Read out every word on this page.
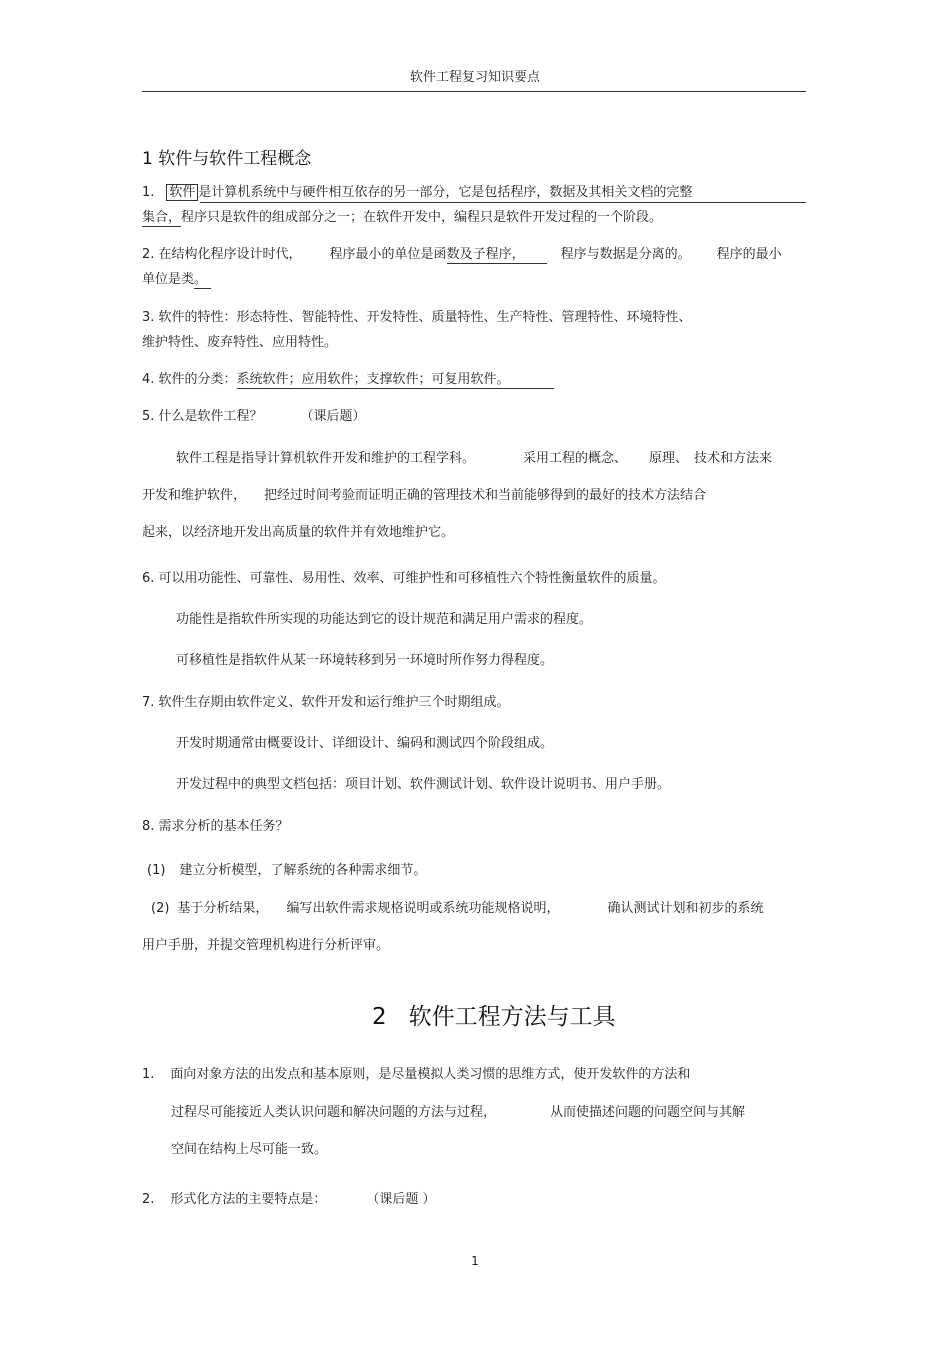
软件工程复习知识要点
1 软件与软件工程概念
1. 软件 是计算机系统中与硬件相互依存的另一部分，它是包括程序，数据及其相关文档的完整
集合，程序只是软件的组成部分之一；在软件开发中，编程只是软件开发过程的一个阶段。
2. 在结构化程序设计时代， 程序最小的单位是函数及子程序，	程序与数据是分离的。 程序的最小
单位是类。
3. 软件的特性：形态特性、智能特性、开发特性、质量特性、生产特性、管理特性、环境特性、
维护特性、废弃特性、应用特性。
4. 软件的分类：系统软件；应用软件；支撑软件；可复用软件。
5. 什么是软件工程？	（课后题）
软件工程是指导计算机软件开发和维护的工程学科。	采用工程的概念、 原理、 技术和方法来
开发和维护软件， 把经过时间考验而证明正确的管理技术和当前能够得到的最好的技术方法结合
起来，以经济地开发出高质量的软件并有效地维护它。
6. 可以用功能性、可靠性、易用性、效率、可维护性和可移植性六个特性衡量软件的质量。
功能性是指软件所实现的功能达到它的设计规范和满足用户需求的程度。
可移植性是指软件从某一环境转移到另一环境时所作努力得程度。
7. 软件生存期由软件定义、软件开发和运行维护三个时期组成。
开发时期通常由概要设计、详细设计、编码和测试四个阶段组成。
开发过程中的典型文档包括：项目计划、软件测试计划、软件设计说明书、用户手册。
8. 需求分析的基本任务？
(1) 建立分析模型，了解系统的各种需求细节。
(2) 基于分析结果， 编写出软件需求规格说明或系统功能规格说明，	确认测试计划和初步的系统
用户手册，并提交管理机构进行分析评审。
2 软件工程方法与工具
1. 面向对象方法的出发点和基本原则，是尽量模拟人类习惯的思维方式，使开发软件的方法和
过程尽可能接近人类认识问题和解决问题的方法与过程，	从而使描述问题的问题空间与其解
空间在结构上尽可能一致。
2. 形式化方法的主要特点是：	（课后题 ）
1
